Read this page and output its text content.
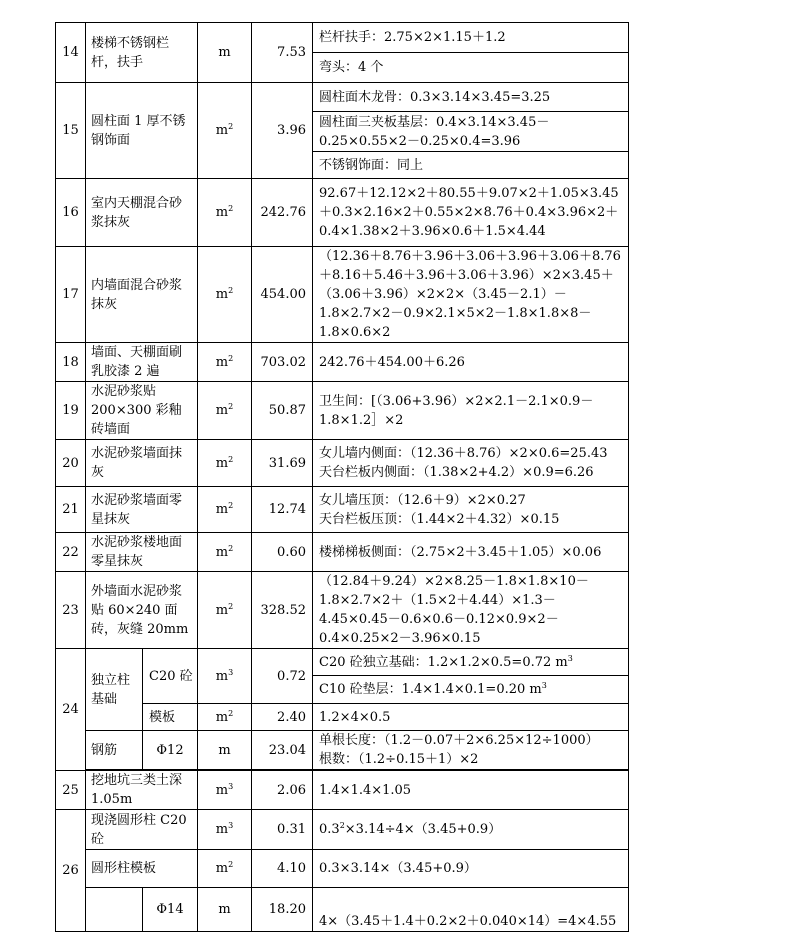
14	楼梯不锈钢栏杆，扶手		m	7.53	栏杆扶手：2.75×2×1.15＋1.2
					弯头：4 个
15	圆柱面 1 厚不锈钢饰面		$m^2$	3.96	圆柱面木龙骨：0.3×3.14×3.45=3.25
					圆柱面三夹板基层：0.4×3.14×3.45－0.25×0.55×2－0.25×0.4=3.96
					不锈钢饰面：同上
16	室内天棚混合砂浆抹灰		$m^2$	242.76	92.67＋12.12×2＋80.55＋9.07×2＋1.05×3.45＋0.3×2.16×2＋0.55×2×8.76＋0.4×3.96×2＋0.4×1.38×2＋3.96×0.6＋1.5×4.44
17	内墙面混合砂浆抹灰		$m^2$	454.00	（12.36＋8.76＋3.96＋3.06＋3.96＋3.06＋8.76＋8.16＋5.46＋3.96＋3.06＋3.96）×2×3.45＋（3.06＋3.96）×2×2×（3.45－2.1）－1.8×2.7×2－0.9×2.1×5×2－1.8×1.8×8－1.8×0.6×2
18	墙面、天棚面刷乳胶漆 2 遍		$m^2$	703.02	242.76＋454.00＋6.26
19	水泥砂浆贴 200×300 彩釉砖墙面		$m^2$	50.87	卫生间：[（3.06+3.96）×2×2.1－2.1×0.9－1.8×1.2］×2
20	水泥砂浆墙面抹灰		$m^2$	31.69	女儿墙内侧面：（12.36＋8.76）×2×0.6=25.43
天台栏板内侧面：（1.38×2+4.2）×0.9=6.26

21	水泥砂浆墙面零星抹灰		$m^2$	12.74	女儿墙压顶：（12.6＋9）×2×0.27
天台栏板压顶：（1.44×2＋4.32）×0.15

22	水泥砂浆楼地面零星抹灰		$m^2$	0.60	楼梯梯板侧面：（2.75×2＋3.45＋1.05）×0.06
23	外墙面水泥砂浆贴 60×240 面砖，灰缝 20mm		$m^2$	328.52	（12.84＋9.24）×2×8.25－1.8×1.8×10－1.8×2.7×2＋（1.5×2＋4.44）×1.3－4.45×0.45－0.6×0.6－0.12×0.9×2－0.4×0.25×2－3.96×0.15
24	独立柱基础	C20 砼	$m^3$	0.72	C20 砼独立基础：1.2×1.2×0.5=0.72 $m^3$
					C10 砼垫层：1.4×1.4×0.1=0.20 $m^3$
		模板	$m^2$	2.40	1.2×4×0.5
	钢筋	Φ12	m	23.04	单根长度：（1.2－0.07＋2×6.25×12÷1000）
根数：（1.2÷0.15＋1）×2

25	挖地坑三类土深 1.05m		$m^3$	2.06	1.4×1.4×1.05
26	现浇圆形柱 C20 砼		$m^3$	0.31	$0.3^2\times 3.14\div 4\times(3.45+0.9)$
	圆形柱模板		$m^2$	4.10	0.3×3.14×（3.45+0.9）
		Φ14	m	18.20	4×（3.45＋1.4＋0.2×2＋0.040×14）=4×4.55
